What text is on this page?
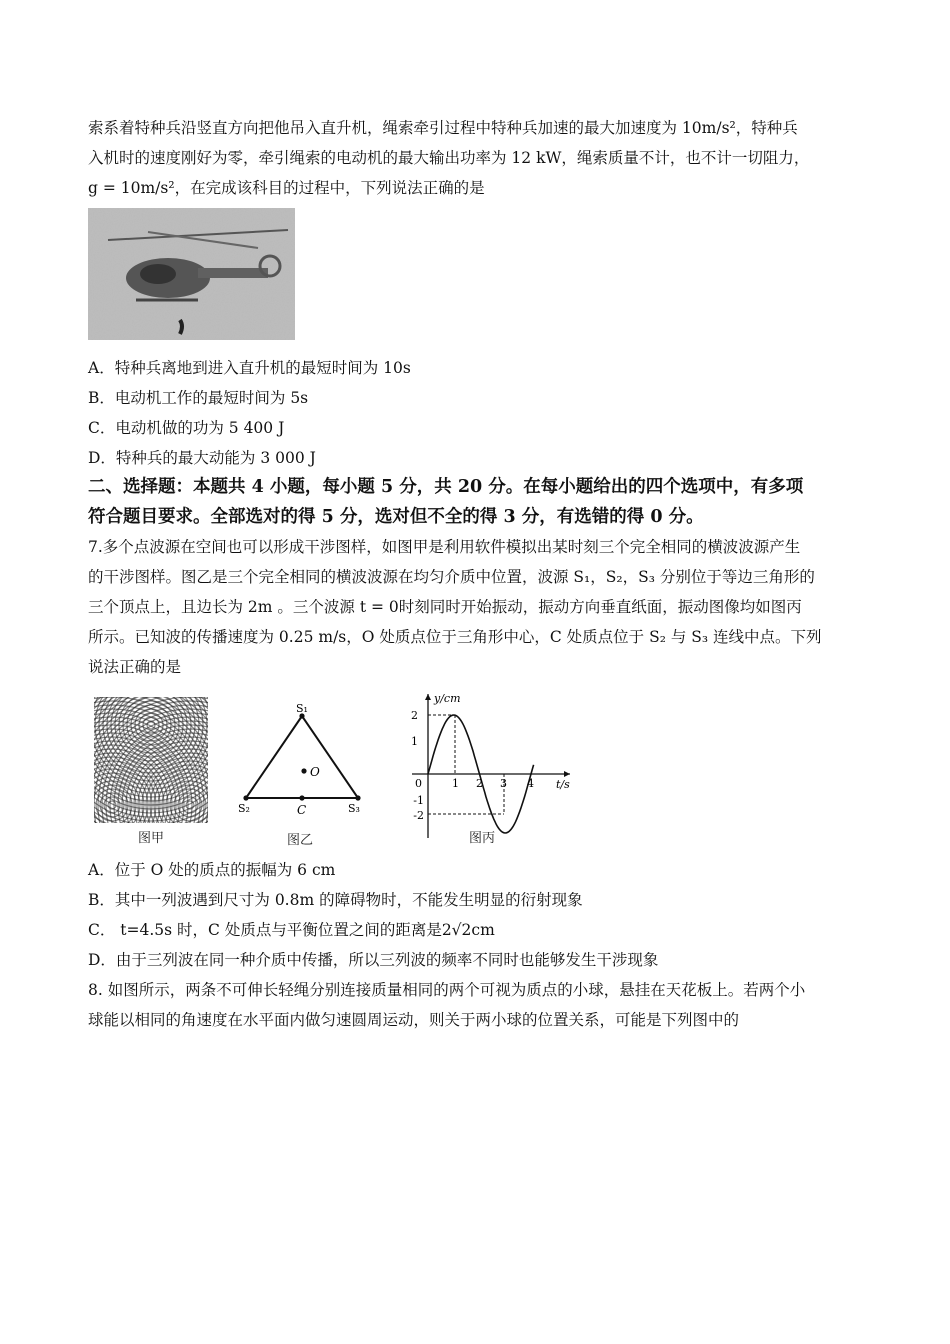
索系着特种兵沿竖直方向把他吊入直升机，绳索牵引过程中特种兵加速的最大加速度为 10m/s²，特种兵
入机时的速度刚好为零，牵引绳索的电动机的最大输出功率为 12 kW，绳索质量不计，也不计一切阻力，
g = 10m/s²，在完成该科目的过程中，下列说法正确的是
A．特种兵离地到进入直升机的最短时间为 10s
B．电动机工作的最短时间为 5s
C．电动机做的功为 5 400 J
D．特种兵的最大动能为 3 000 J
二、选择题：本题共 4 小题，每小题 5 分，共 20 分。在每小题给出的四个选项中，有多项
符合题目要求。全部选对的得 5 分，选对但不全的得 3 分，有选错的得 0 分。
7.多个点波源在空间也可以形成干涉图样，如图甲是利用软件模拟出某时刻三个完全相同的横波波源产生
的干涉图样。图乙是三个完全相同的横波波源在均匀介质中位置，波源 S₁，S₂，S₃ 分别位于等边三角形的
三个顶点上，且边长为 2m 。三个波源 t = 0时刻同时开始振动，振动方向垂直纸面，振动图像均如图丙
所示。已知波的传播速度为 0.25 m/s，O 处质点位于三角形中心，C 处质点位于 S₂ 与 S₃ 连线中点。下列
说法正确的是
图甲
S₁
S₂	S₃
O
C
图乙
y/cm
t/s
2
1
0
-1
-2
1 2 3 4
图丙
A．位于 O 处的质点的振幅为 6 cm
B．其中一列波遇到尺寸为 0.8m 的障碍物时，不能发生明显的衍射现象
C． t=4.5s 时，C 处质点与平衡位置之间的距离是2√2cm
D．由于三列波在同一种介质中传播，所以三列波的频率不同时也能够发生干涉现象
8. 如图所示，两条不可伸长轻绳分别连接质量相同的两个可视为质点的小球，悬挂在天花板上。若两个小
球能以相同的角速度在水平面内做匀速圆周运动，则关于两小球的位置关系，可能是下列图中的
